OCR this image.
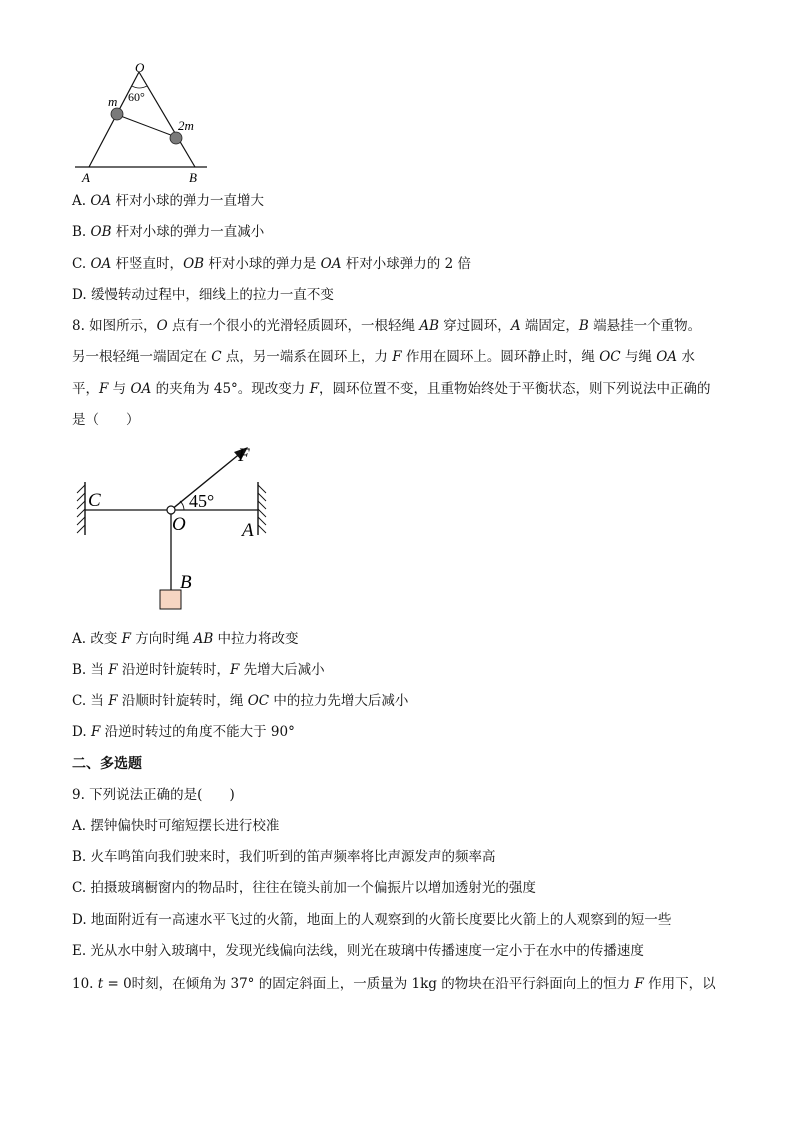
O
60°
m
2m
A	B
A. OA 杆对小球的弹力一直增大
B. OB 杆对小球的弹力一直减小
C. OA 杆竖直时，OB 杆对小球的弹力是 OA 杆对小球弹力的 2 倍
D. 缓慢转动过程中，细线上的拉力一直不变
8. 如图所示，O 点有一个很小的光滑轻质圆环，一根轻绳 AB 穿过圆环，A 端固定，B 端悬挂一个重物。
另一根轻绳一端固定在 C 点，另一端系在圆环上，力 F 作用在圆环上。圆环静止时，绳 OC 与绳 OA 水
平，F 与 OA 的夹角为 45°。现改变力 F，圆环位置不变，且重物始终处于平衡状态，则下列说法中正确的
是（　　）
F
C	45°
O	A
B
A. 改变 F 方向时绳 AB 中拉力将改变
B. 当 F 沿逆时针旋转时，F 先增大后减小
C. 当 F 沿顺时针旋转时，绳 OC 中的拉力先增大后减小
D. F 沿逆时转过的角度不能大于 90°
二、多选题
9. 下列说法正确的是(　　)
A. 摆钟偏快时可缩短摆长进行校准
B. 火车鸣笛向我们驶来时，我们听到的笛声频率将比声源发声的频率高
C. 拍摄玻璃橱窗内的物品时，往往在镜头前加一个偏振片以增加透射光的强度
D. 地面附近有一高速水平飞过的火箭，地面上的人观察到的火箭长度要比火箭上的人观察到的短一些
E. 光从水中射入玻璃中，发现光线偏向法线，则光在玻璃中传播速度一定小于在水中的传播速度
10. t = 0时刻，在倾角为 37° 的固定斜面上，一质量为 1kg 的物块在沿平行斜面向上的恒力 F 作用下，以
